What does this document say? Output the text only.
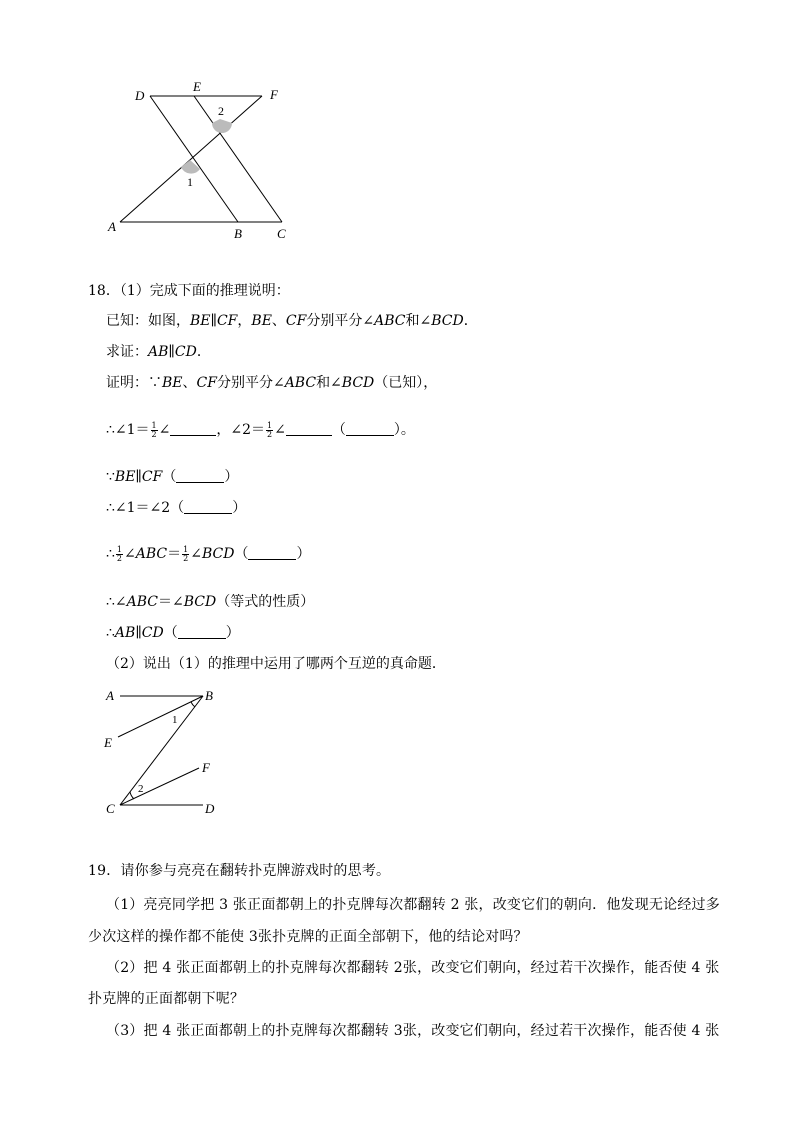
D
E
F
A	B	C
2
1
18．（1）完成下面的推理说明：
已知：如图，BE∥CF，BE、CF分别平分∠ABC和∠BCD．
求证：AB∥CD．
证明：∵BE、CF分别平分∠ABC和∠BCD（已知），
∴∠1＝ $\frac{1}{2}$ ∠	，∠2＝ $\frac{1}{2}$ ∠	（	）。
∵BE∥CF（	）
∴∠1＝∠2（	）
∴ $\frac{1}{2}$ ∠ABC＝ $\frac{1}{2}$ ∠BCD（	）
∴∠ABC＝∠BCD（等式的性质）
∴AB∥CD（	）
（2）说出（1）的推理中运用了哪两个互逆的真命题．
A	B
E
F
C	D
1
2
19．请你参与亮亮在翻转扑克牌游戏时的思考。
（1）亮亮同学把 3 张正面都朝上的扑克牌每次都翻转 2 张，改变它们的朝向．他发现无论经过多
少次这样的操作都不能使 3张扑克牌的正面全部朝下，他的结论对吗？
（2）把 4 张正面都朝上的扑克牌每次都翻转 2张，改变它们朝向，经过若干次操作，能否使 4 张
扑克牌的正面都朝下呢？
（3）把 4 张正面都朝上的扑克牌每次都翻转 3张，改变它们朝向，经过若干次操作，能否使 4 张
